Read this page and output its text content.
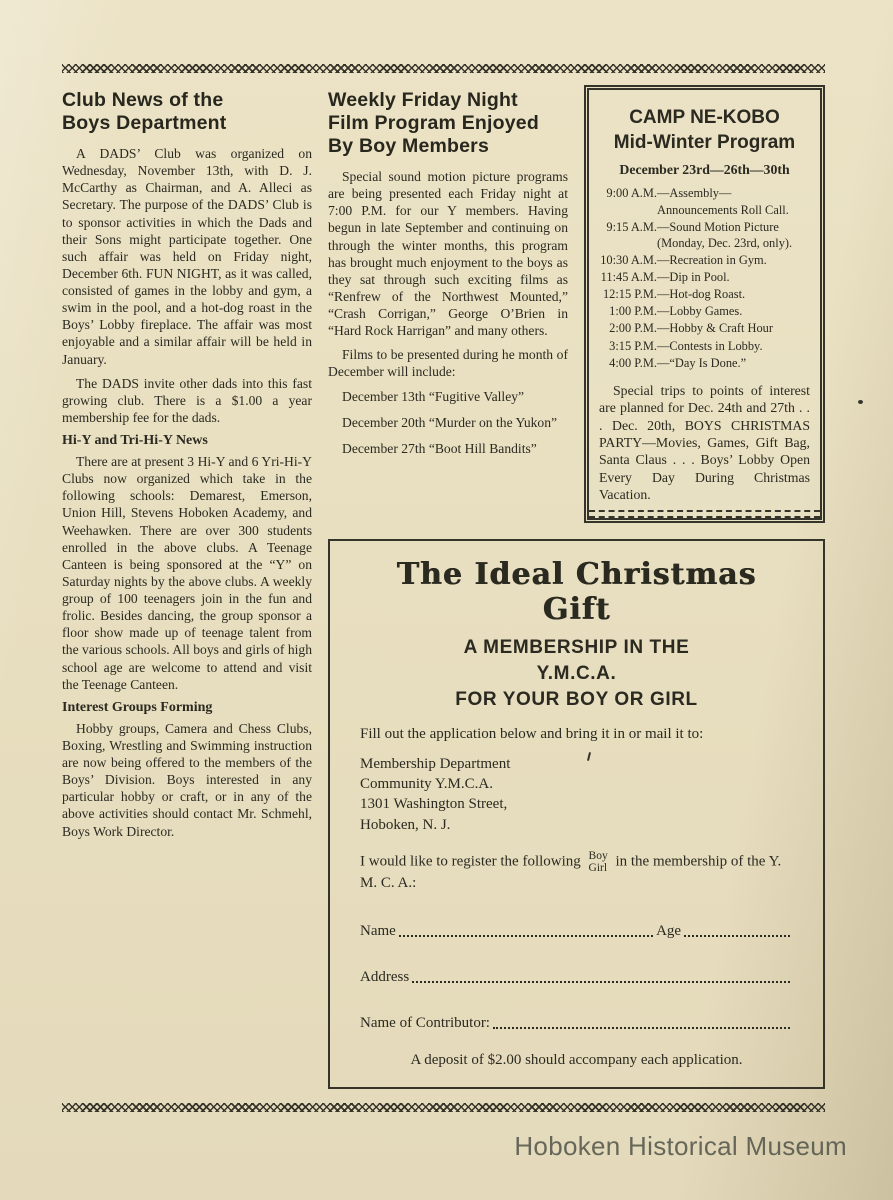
Club News of the Boys Department

A DADS’ Club was organized on Wednesday, November 13th, with D. J. McCarthy as Chairman, and A. Alleci as Secretary. The purpose of the DADS’ Club is to sponsor activities in which the Dads and their Sons might participate together. One such affair was held on Friday night, December 6th. FUN NIGHT, as it was called, consisted of games in the lobby and gym, a swim in the pool, and a hot-dog roast in the Boys’ Lobby fireplace. The affair was most enjoyable and a similar affair will be held in January.

The DADS invite other dads into this fast growing club. There is a $1.00 a year membership fee for the dads.

Hi-Y and Tri-Hi-Y News

There are at present 3 Hi-Y and 6 Yri-Hi-Y Clubs now organized which take in the following schools: Demarest, Emerson, Union Hill, Stevens Hoboken Academy, and Weehawken. There are over 300 students enrolled in the above clubs. A Teenage Canteen is being sponsored at the “Y” on Saturday nights by the above clubs. A weekly group of 100 teenagers join in the fun and frolic. Besides dancing, the group sponsor a floor show made up of teenage talent from the various schools. All boys and girls of high school age are welcome to attend and visit the Teenage Canteen.

Interest Groups Forming

Hobby groups, Camera and Chess Clubs, Boxing, Wrestling and Swimming instruction are now being offered to the members of the Boys’ Division. Boys interested in any particular hobby or craft, or in any of the above activities should contact Mr. Schmehl, Boys Work Director.

Weekly Friday Night Film Program Enjoyed By Boy Members

Special sound motion picture programs are being presented each Friday night at 7:00 P.M. for our Y members. Having begun in late September and continuing on through the winter months, this program has brought much enjoyment to the boys as they sat through such exciting films as “Renfrew of the Northwest Mounted,” “Crash Corrigan,” George O’Brien in “Hard Rock Harrigan” and many others.

Films to be presented during he month of December will include:

December 13th “Fugitive Valley”

December 20th “Murder on the Yukon”

December 27th “Boot Hill Bandits”

CAMP NE-KOBO
Mid-Winter Program
December 23rd—26th—30th
9:00 A.M. —Assembly—Announcements Roll Call.
9:15 A.M. —Sound Motion Picture (Monday, Dec. 23rd, only).
10:30 A.M. —Recreation in Gym.
11:45 A.M. —Dip in Pool.
12:15 P.M. —Hot-dog Roast.
1:00 P.M. —Lobby Games.
2:00 P.M. —Hobby & Craft Hour
3:15 P.M. —Contests in Lobby.
4:00 P.M. —“Day Is Done.”

Special trips to points of interest are planned for Dec. 24th and 27th . . . Dec. 20th, BOYS CHRISTMAS PARTY—Movies, Games, Gift Bag, Santa Claus . . . Boys’ Lobby Open Every Day During Christmas Vacation.

The Ideal Christmas Gift
A MEMBERSHIP IN THE
Y.M.C.A.
FOR YOUR BOY OR GIRL

Fill out the application below and bring it in or mail it to:

Membership Department
Community Y.M.C.A.
1301 Washington Street,
Hoboken, N. J.

I would like to register the following Boy
Girl in the membership of the Y. M. C. A.:

Name	Age
Address
Name of Contributor:

A deposit of $2.00 should accompany each application.

Hoboken Historical Museum
